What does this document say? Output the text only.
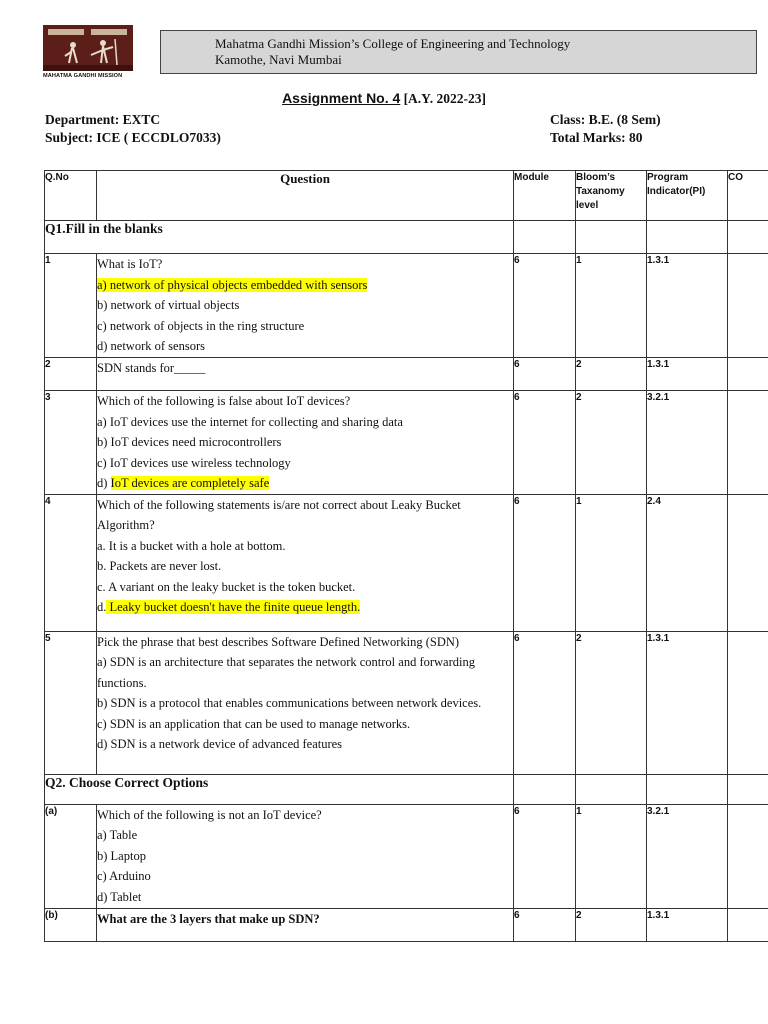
MAHATMA GANDHI MISSION
Mahatma Gandhi Mission’s College of Engineering and Technology
Kamothe, Navi Mumbai
Assignment No. 4 [A.Y. 2022-23]
Department: EXTC
Subject: ICE ( ECCDLO7033)
Class: B.E. (8 Sem)
Total Marks: 80
Q.No	Question	Module	Bloom’s Taxanomy level	Program Indicator(PI)	CO
Q1.Fill in the blanks					
1	What is IoT?
a) network of physical objects embedded with sensors
b) network of virtual objects
c) network of objects in the ring structure
d) network of sensors	6	1	1.3.1	
2	SDN stands for_____	6	2	1.3.1	
3	Which of the following is false about IoT devices?
a) IoT devices use the internet for collecting and sharing data
b) IoT devices need microcontrollers
c) IoT devices use wireless technology
d) IoT devices are completely safe	6	2	3.2.1	
4	Which of the following statements is/are not correct about Leaky Bucket Algorithm?
a. It is a bucket with a hole at bottom.
b. Packets are never lost.
c. A variant on the leaky bucket is the token bucket.
d. Leaky bucket doesn't have the finite queue length.	6	1	2.4	
5	Pick the phrase that best describes Software Defined Networking (SDN)
a) SDN is an architecture that separates the network control and forwarding functions.
b) SDN is a protocol that enables communications between network devices.
c) SDN is an application that can be used to manage networks.
d) SDN is a network device of advanced features	6	2	1.3.1	
Q2. Choose Correct Options					
(a)	Which of the following is not an IoT device?
a) Table
b) Laptop
c) Arduino
d) Tablet	6	1	3.2.1	
(b)	What are the 3 layers that make up SDN?	6	2	1.3.1	
